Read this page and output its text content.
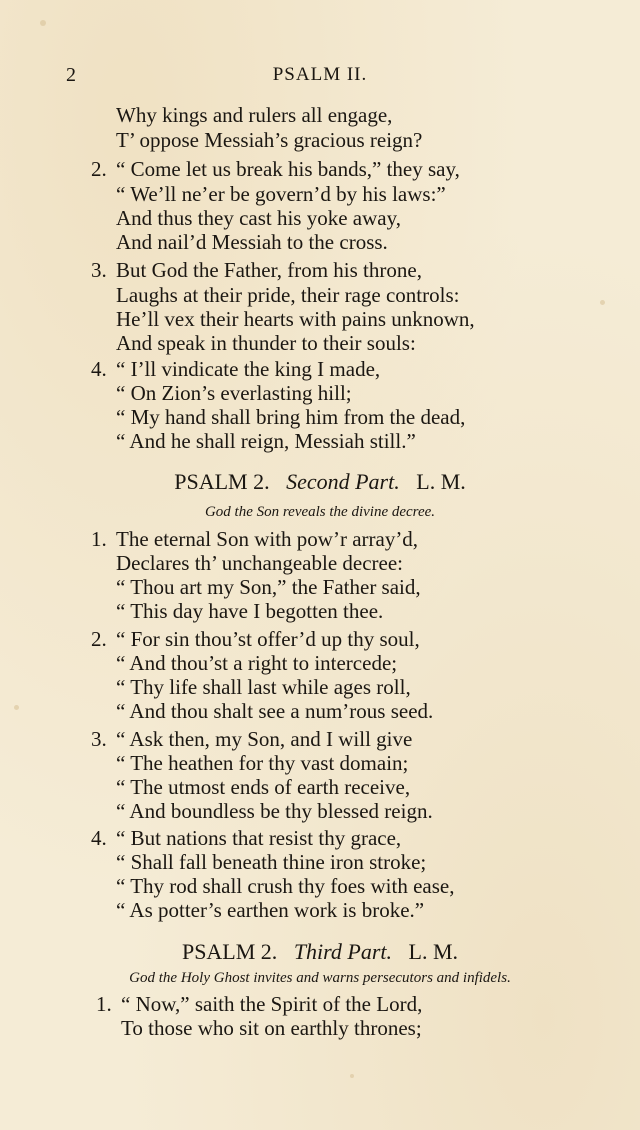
2	PSALM II.
Why kings and rulers all engage,
T’ oppose Messiah’s gracious reign?
2. “ Come let us break his bands,” they say,
“ We’ll ne’er be govern’d by his laws:”
And thus they cast his yoke away,
And nail’d Messiah to the cross.
3. But God the Father, from his throne,
Laughs at their pride, their rage controls:
He’ll vex their hearts with pains unknown,
And speak in thunder to their souls:
4. “ I’ll vindicate the king I made,
“ On Zion’s everlasting hill;
“ My hand shall bring him from the dead,
“ And he shall reign, Messiah still.”
PSALM 2. Second Part. L. M.
God the Son reveals the divine decree.
1. The eternal Son with pow’r array’d,
Declares th’ unchangeable decree:
“ Thou art my Son,” the Father said,
“ This day have I begotten thee.
2. “ For sin thou’st offer’d up thy soul,
“ And thou’st a right to intercede;
“ Thy life shall last while ages roll,
“ And thou shalt see a num’rous seed.
3. “ Ask then, my Son, and I will give
“ The heathen for thy vast domain;
“ The utmost ends of earth receive,
“ And boundless be thy blessed reign.
4. “ But nations that resist thy grace,
“ Shall fall beneath thine iron stroke;
“ Thy rod shall crush thy foes with ease,
“ As potter’s earthen work is broke.”
PSALM 2. Third Part. L. M.
God the Holy Ghost invites and warns persecutors and infidels.
1. “ Now,” saith the Spirit of the Lord,
To those who sit on earthly thrones;
